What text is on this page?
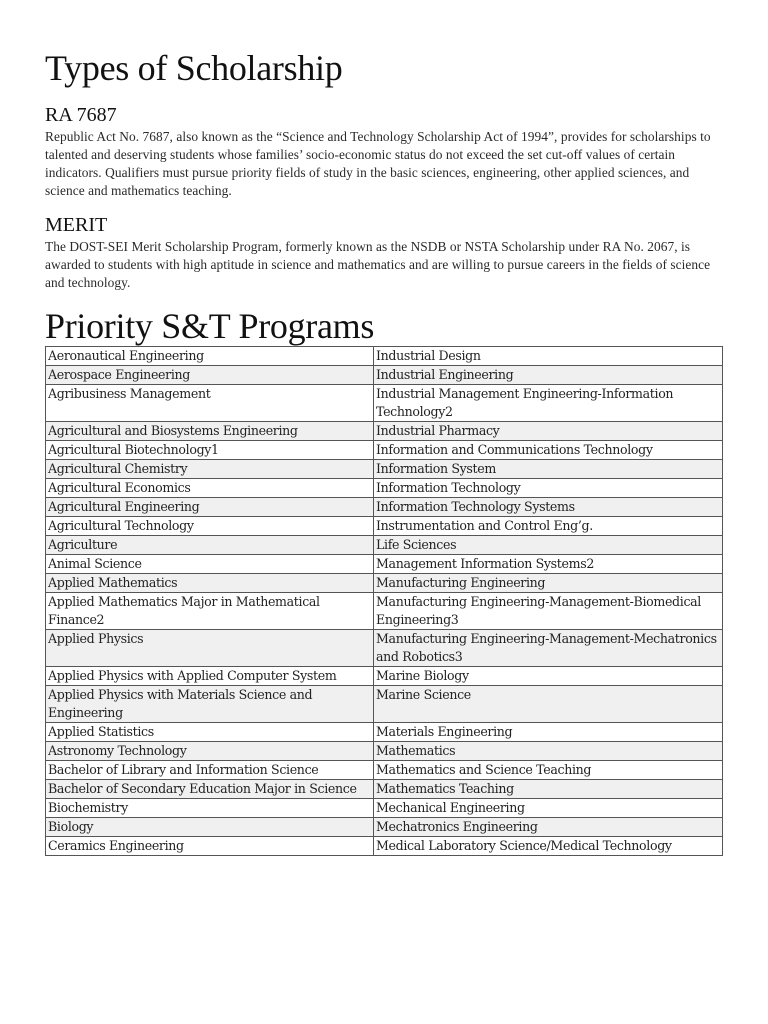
Types of Scholarship
RA 7687

Republic Act No. 7687, also known as the “Science and Technology Scholarship Act of 1994”, provides for scholarships to talented and deserving students whose families’ socio-economic status do not exceed the set cut-off values of certain indicators. Qualifiers must pursue priority fields of study in the basic sciences, engineering, other applied sciences, and science and mathematics teaching.

MERIT

The DOST-SEI Merit Scholarship Program, formerly known as the NSDB or NSTA Scholarship under RA No. 2067, is awarded to students with high aptitude in science and mathematics and are willing to pursue careers in the fields of science and technology.

Priority S&T Programs
Aeronautical Engineering	Industrial Design
Aerospace Engineering	Industrial Engineering
Agribusiness Management	Industrial Management Engineering-Information Technology2
Agricultural and Biosystems Engineering	Industrial Pharmacy
Agricultural Biotechnology1	Information and Communications Technology
Agricultural Chemistry	Information System
Agricultural Economics	Information Technology
Agricultural Engineering	Information Technology Systems
Agricultural Technology	Instrumentation and Control Eng’g.
Agriculture	Life Sciences
Animal Science	Management Information Systems2
Applied Mathematics	Manufacturing Engineering
Applied Mathematics Major in Mathematical Finance2	Manufacturing Engineering-Management-Biomedical Engineering3
Applied Physics	Manufacturing Engineering-Management-Mechatronics and Robotics3
Applied Physics with Applied Computer System	Marine Biology
Applied Physics with Materials Science and Engineering	Marine Science
Applied Statistics	Materials Engineering
Astronomy Technology	Mathematics
Bachelor of Library and Information Science	Mathematics and Science Teaching
Bachelor of Secondary Education Major in Science	Mathematics Teaching
Biochemistry	Mechanical Engineering
Biology	Mechatronics Engineering
Ceramics Engineering	Medical Laboratory Science/Medical Technology
